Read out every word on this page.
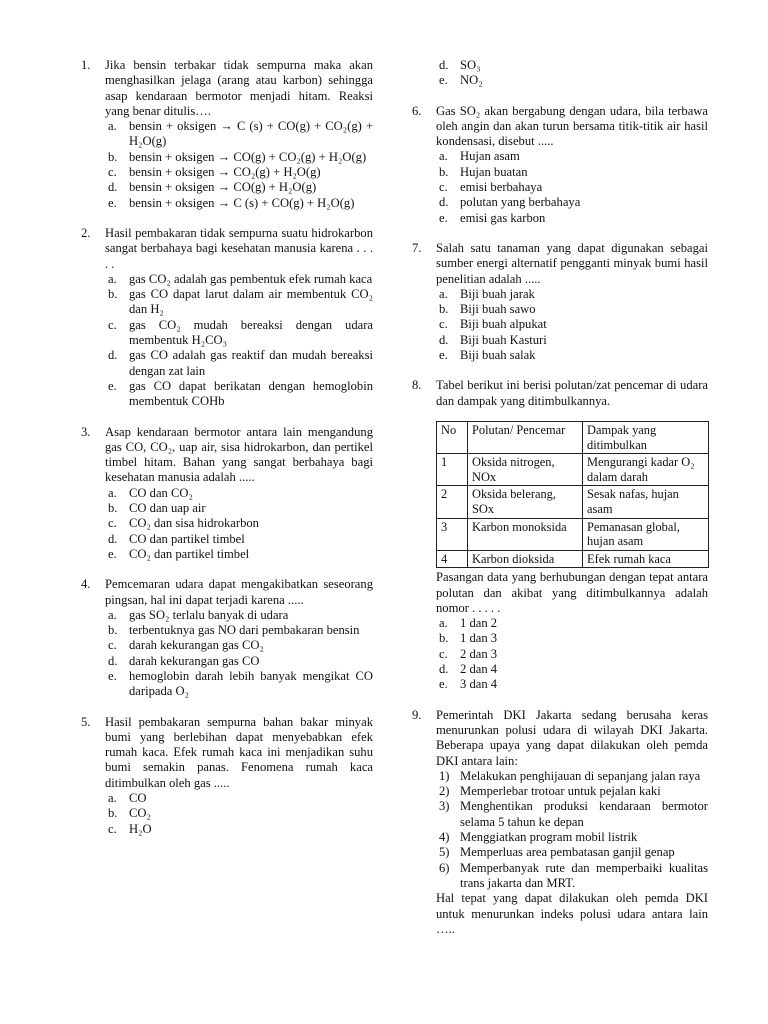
1. Jika bensin terbakar tidak sempurna maka akan menghasilkan jelaga (arang atau karbon) sehingga asap kendaraan bermotor menjadi hitam. Reaksi yang benar ditulis….
a. bensin + oksigen → C (s) + CO(g) + CO₂(g) + H₂O(g)
b. bensin + oksigen → CO(g) + CO₂(g) + H₂O(g)
c. bensin + oksigen → CO₂(g) + H₂O(g)
d. bensin + oksigen → CO(g) + H₂O(g)
e. bensin + oksigen → C (s) + CO(g) + H₂O(g)
2. Hasil pembakaran tidak sempurna suatu hidrokarbon sangat berbahaya bagi kesehatan manusia karena . . . . .
a. gas CO₂ adalah gas pembentuk efek rumah kaca
b. gas CO dapat larut dalam air membentuk CO₂ dan H₂
c. gas CO₂ mudah bereaksi dengan udara membentuk H₂CO₃
d. gas CO adalah gas reaktif dan mudah bereaksi dengan zat lain
e. gas CO dapat berikatan dengan hemoglobin membentuk COHb
3. Asap kendaraan bermotor antara lain mengandung gas CO, CO₂, uap air, sisa hidrokarbon, dan pertikel timbel hitam. Bahan yang sangat berbahaya bagi kesehatan manusia adalah .....
a. CO dan CO₂
b. CO dan uap air
c. CO₂ dan sisa hidrokarbon
d. CO dan partikel timbel
e. CO₂ dan partikel timbel
4. Pemcemaran udara dapat mengakibatkan seseorang pingsan, hal ini dapat terjadi karena .....
a. gas SO₂ terlalu banyak di udara
b. terbentuknya gas NO dari pembakaran bensin
c. darah kekurangan gas CO₂
d. darah kekurangan gas CO
e. hemoglobin darah lebih banyak mengikat CO daripada O₂
5. Hasil pembakaran sempurna bahan bakar minyak bumi yang berlebihan dapat menyebabkan efek rumah kaca. Efek rumah kaca ini menjadikan suhu bumi semakin panas. Fenomena rumah kaca ditimbulkan oleh gas .....
a. CO
b. CO₂
c. H₂O
d. SO₃
e. NO₂
6. Gas SO₂ akan bergabung dengan udara, bila terbawa oleh angin dan akan turun bersama titik-titik air hasil kondensasi, disebut .....
a. Hujan asam
b. Hujan buatan
c. emisi berbahaya
d. polutan yang berbahaya
e. emisi gas karbon
7. Salah satu tanaman yang dapat digunakan sebagai sumber energi alternatif pengganti minyak bumi hasil penelitian adalah .....
a. Biji buah jarak
b. Biji buah sawo
c. Biji buah alpukat
d. Biji buah Kasturi
e. Biji buah salak
8. Tabel berikut ini berisi polutan/zat pencemar di udara dan dampak yang ditimbulkannya.
No	Polutan/ Pencemar	Dampak yang ditimbulkan
1	Oksida nitrogen, NOx	Mengurangi kadar O₂ dalam darah
2	Oksida belerang, SOx	Sesak nafas, hujan asam
3	Karbon monoksida	Pemanasan global, hujan asam
4	Karbon dioksida	Efek rumah kaca
Pasangan data yang berhubungan dengan tepat antara polutan dan akibat yang ditimbulkannya adalah nomor . . . . .
a. 1 dan 2
b. 1 dan 3
c. 2 dan 3
d. 2 dan 4
e. 3 dan 4
9. Pemerintah DKI Jakarta sedang berusaha keras menurunkan polusi udara di wilayah DKI Jakarta. Beberapa upaya yang dapat dilakukan oleh pemda DKI antara lain:
1) Melakukan penghijauan di sepanjang jalan raya
2) Memperlebar trotoar untuk pejalan kaki
3) Menghentikan produksi kendaraan bermotor selama 5 tahun ke depan
4) Menggiatkan program mobil listrik
5) Memperluas area pembatasan ganjil genap
6) Memperbanyak rute dan memperbaiki kualitas trans jakarta dan MRT.
Hal tepat yang dapat dilakukan oleh pemda DKI untuk menurunkan indeks polusi udara antara lain …..
